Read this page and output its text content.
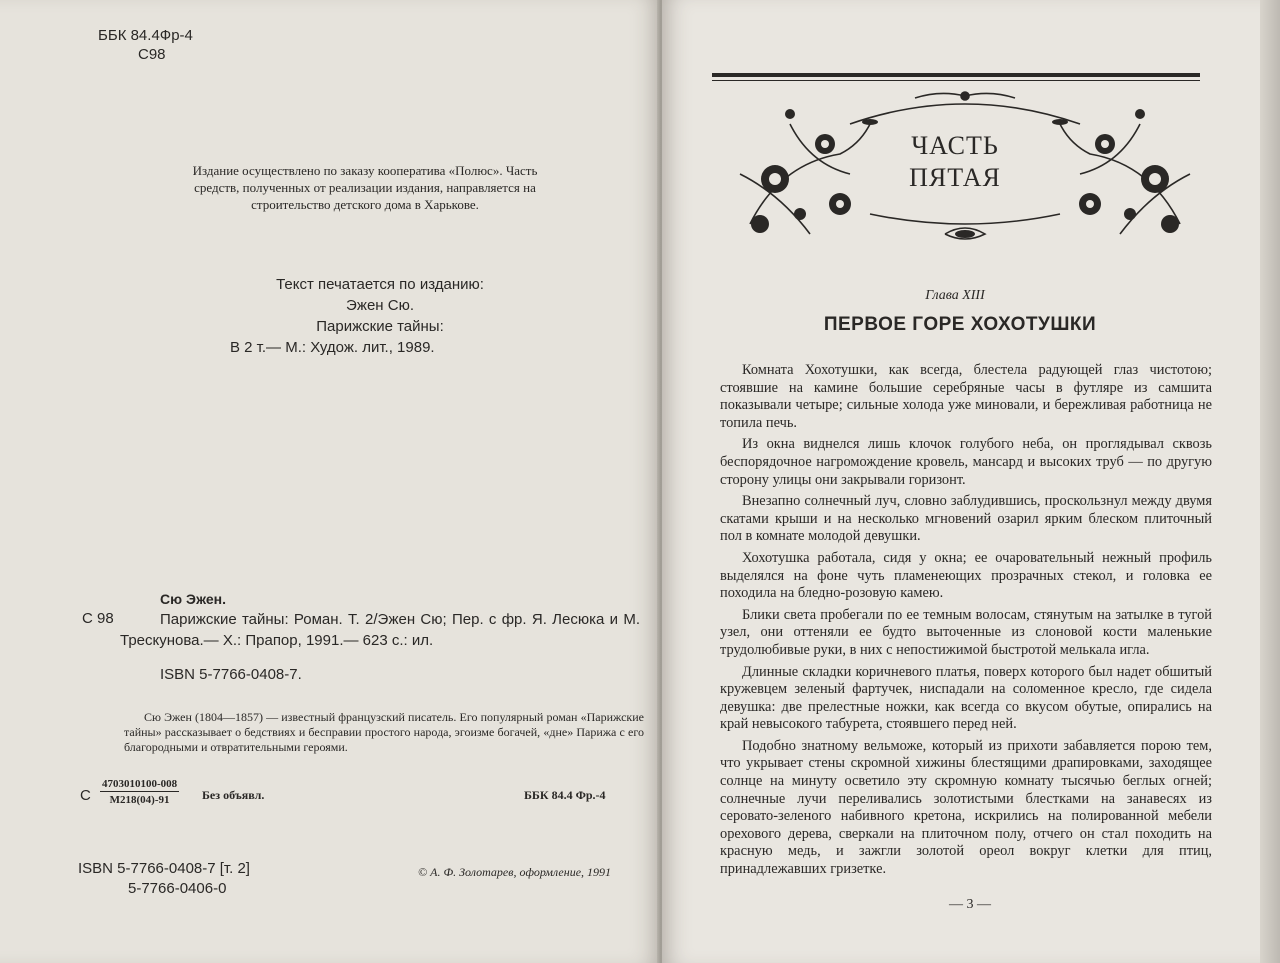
ББК 84.4Фр-4
С98
Издание осуществлено по заказу кооператива «Полюс». Часть средств, полученных от реализации издания, направляется на строительство детского дома в Харькове.
Текст печатается по изданию:
Эжен Сю.
Парижские тайны:
В 2 т.— М.: Худож. лит., 1989.
Сю Эжен.
С 98	Парижские тайны: Роман. Т. 2/Эжен Сю; Пер. с фр. Я. Лесюка и М. Трескунова.— Х.: Прапор, 1991.— 623 с.: ил.
ISBN 5-7766-0408-7.
Сю Эжен (1804—1857) — известный французский писатель. Его популярный роман «Парижские тайны» рассказывает о бедствиях и бесправии простого народа, эгоизме богачей, «дне» Парижа с его благородными и отвратительными героями.
С
4703010100-008
М218(04)-91	Без объявл.	ББК 84.4 Фр.-4
ISBN 5-7766-0408-7 [т. 2]
5-7766-0406-0
© А. Ф. Золотарев, оформление, 1991
ЧАСТЬ ПЯТАЯ
Глава XIII
ПЕРВОЕ ГОРЕ ХОХОТУШКИ

Комната Хохотушки, как всегда, блестела радующей глаз чистотою; стоявшие на камине большие серебряные часы в футляре из самшита показывали четыре; сильные холода уже миновали, и бережливая работница не топила печь.

Из окна виднелся лишь клочок голубого неба, он проглядывал сквозь беспорядочное нагромождение кровель, мансард и высоких труб — по другую сторону улицы они закрывали горизонт.

Внезапно солнечный луч, словно заблудившись, проскользнул между двумя скатами крыши и на несколько мгновений озарил ярким блеском плиточный пол в комнате молодой девушки.

Хохотушка работала, сидя у окна; ее очаровательный нежный профиль выделялся на фоне чуть пламенеющих прозрачных стекол, и головка ее походила на бледно-розовую камею.

Блики света пробегали по ее темным волосам, стянутым на затылке в тугой узел, они оттеняли ее будто выточенные из слоновой кости маленькие трудолюбивые руки, в них с непостижимой быстротой мелькала игла.

Длинные складки коричневого платья, поверх которого был надет обшитый кружевцем зеленый фартучек, ниспадали на соломенное кресло, где сидела девушка: две прелестные ножки, как всегда со вкусом обутые, опирались на край невысокого табурета, стоявшего перед ней.

Подобно знатному вельможе, который из прихоти забавляется порою тем, что укрывает стены скромной хижины блестящими драпировками, заходящее солнце на минуту осветило эту скромную комнату тысячью беглых огней; солнечные лучи переливались золотистыми блестками на занавесях из серовато-зеленого набивного кретона, искрились на полированной мебели орехового дерева, сверкали на плиточном полу, отчего он стал походить на красную медь, и зажгли золотой ореол вокруг клетки для птиц, принадлежавших гризетке.

— 3 —
